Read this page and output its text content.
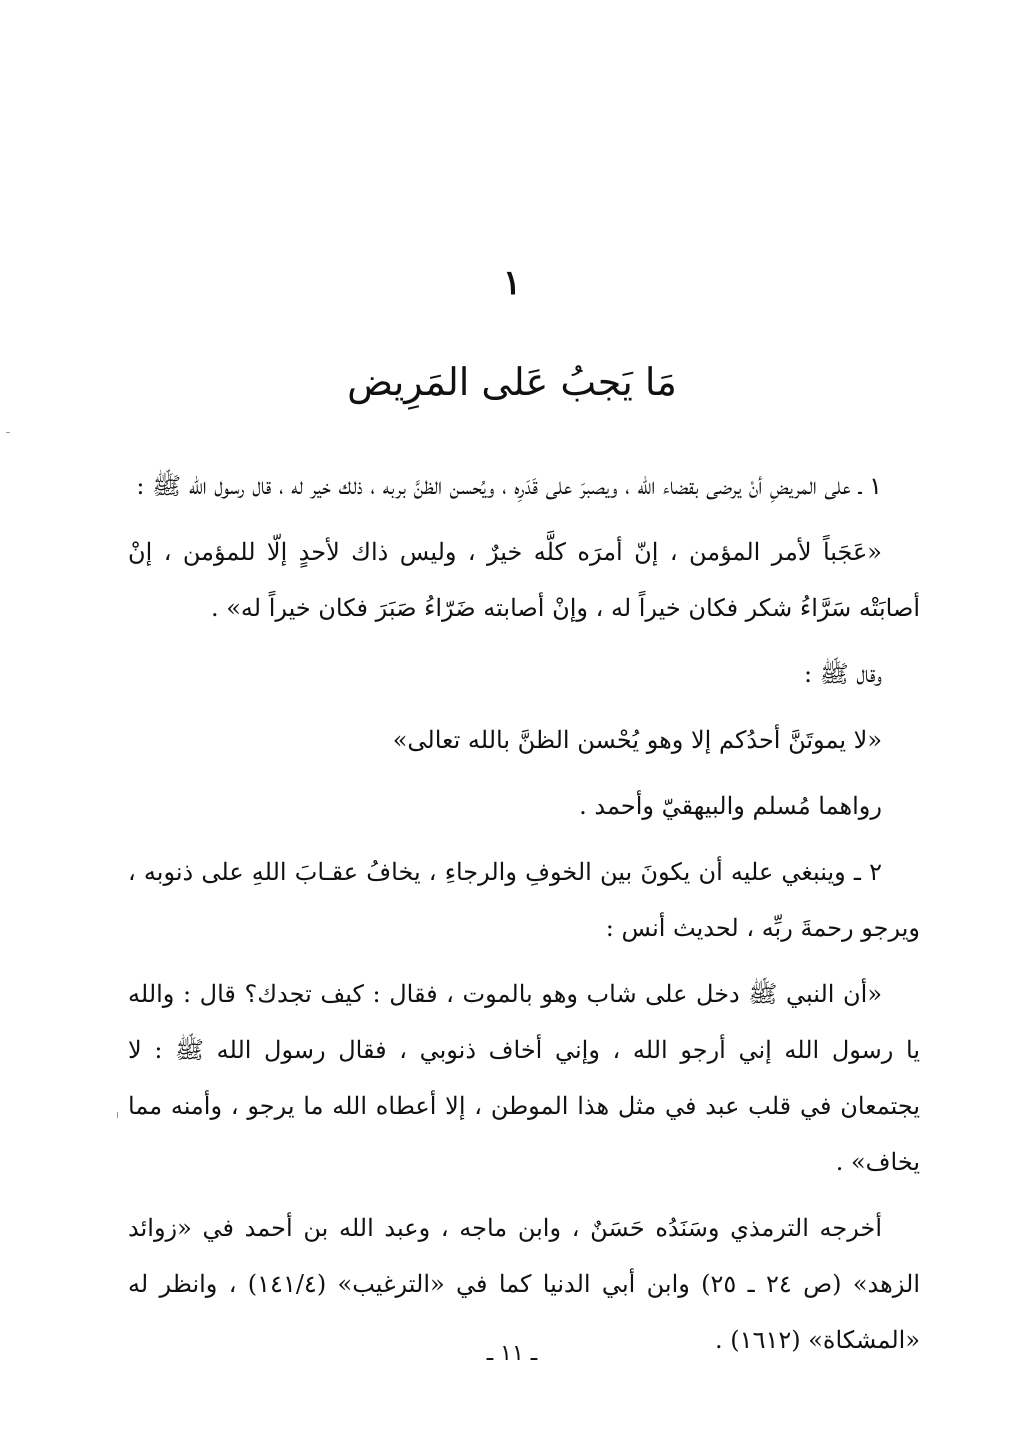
١
مَا يَجبُ عَلى المَرِيض

١ ـ على المريضِ أنْ يرضى بقضاء الله ، ويصبرَ على قَدَرِه ، ويُحسن الظنَّ بربه ، ذلك خير له ، قال رسول الله ﷺ :

«عَجَباً لأمر المؤمن ، إنّ أمرَه كلَّه خيرٌ ، وليس ذاك لأحدٍ إلّا للمؤمن ، إنْ أصابَتْه سَرَّاءُ شكر فكان خيراً له ، وإنْ أصابته ضَرّاءُ صَبَرَ فكان خيراً له» .

وقال ﷺ :

«لا يموتَنَّ أحدُكم إلا وهو يُحْسن الظنَّ بالله تعالى»

رواهما مُسلم والبيهقيّ وأحمد .

٢ ـ وينبغي عليه أن يكونَ بين الخوفِ والرجاءِ ، يخافُ عقـابَ اللهِ على ذنوبه ، ويرجو رحمةَ ربِّه ، لحديث أنس :

«أن النبي ﷺ دخل على شاب وهو بالموت ، فقال : كيف تجدك؟ قال : والله يا رسول الله إني أرجو الله ، وإني أخاف ذنوبي ، فقال رسول الله ﷺ : لا يجتمعان في قلب عبد في مثل هذا الموطن ، إلا أعطاه الله ما يرجو ، وأمنه مما يخاف» .

أخرجه الترمذي وسَنَدُه حَسَنٌ ، وابن ماجه ، وعبد الله بن أحمد في «زوائد الزهد» (ص ٢٤ ـ ٢٥) وابن أبي الدنيا كما في «الترغيب» (١٤١/٤) ، وانظر له «المشكاة» (١٦١٢) .

ـ ١١ ـ
